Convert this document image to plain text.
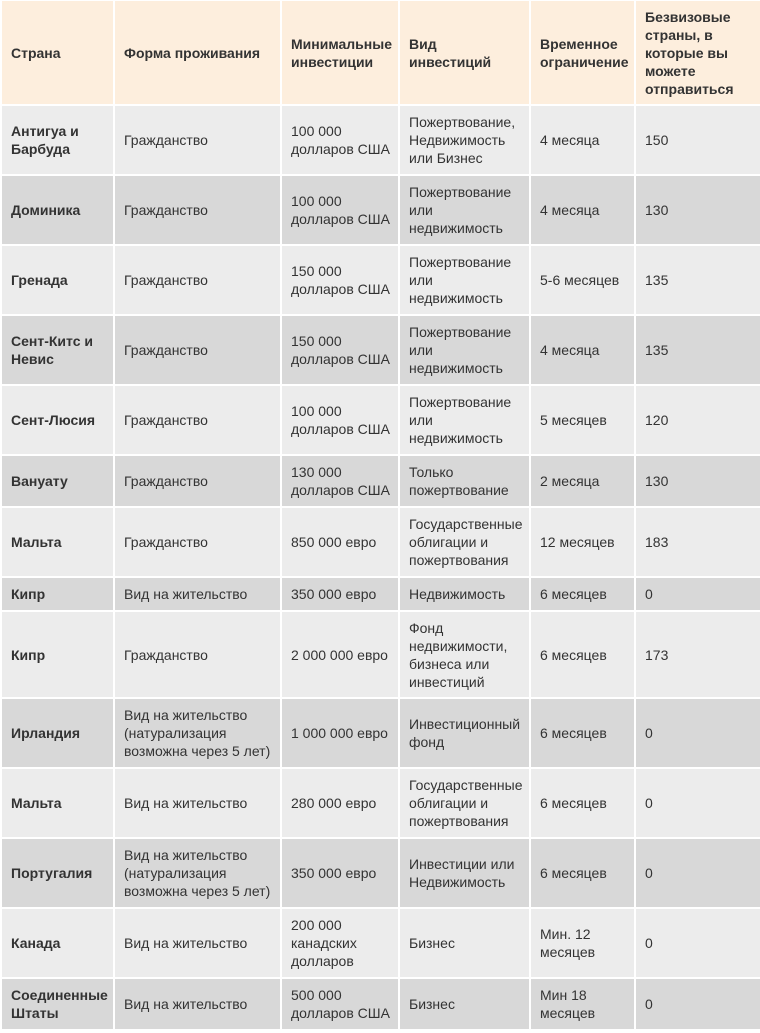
Страна	Форма проживания	Минимальные инвестиции	Вид инвестиций	Временное ограничение	Безвизовые страны, в которые вы можете отправиться
Антигуа и Барбуда	Гражданство	100 000 долларов США	Пожертвование, Недвижимость или Бизнес	4 месяца	150
Доминика	Гражданство	100 000 долларов США	Пожертвование или недвижимость	4 месяца	130
Гренада	Гражданство	150 000 долларов США	Пожертвование или недвижимость	5-6 месяцев	135
Сент-Китс и Невис	Гражданство	150 000 долларов США	Пожертвование или недвижимость	4 месяца	135
Сент-Люсия	Гражданство	100 000 долларов США	Пожертвование или недвижимость	5 месяцев	120
Вануату	Гражданство	130 000 долларов США	Только пожертвование	2 месяца	130
Мальта	Гражданство	850 000 евро	Государственные облигации и пожертвования	12 месяцев	183
Кипр	Вид на жительство	350 000 евро	Недвижимость	6 месяцев	0
Кипр	Гражданство	2 000 000 евро	Фонд недвижимости, бизнеса или инвестиций	6 месяцев	173
Ирландия	Вид на жительство (натурализация возможна через 5 лет)	1 000 000 евро	Инвестиционный фонд	6 месяцев	0
Мальта	Вид на жительство	280 000 евро	Государственные облигации и пожертвования	6 месяцев	0
Португалия	Вид на жительство (натурализация возможна через 5 лет)	350 000 евро	Инвестиции или Недвижимость	6 месяцев	0
Канада	Вид на жительство	200 000 канадских долларов	Бизнес	Мин. 12 месяцев	0
Соединенные Штаты	Вид на жительство	500 000 долларов США	Бизнес	Мин 18 месяцев	0
